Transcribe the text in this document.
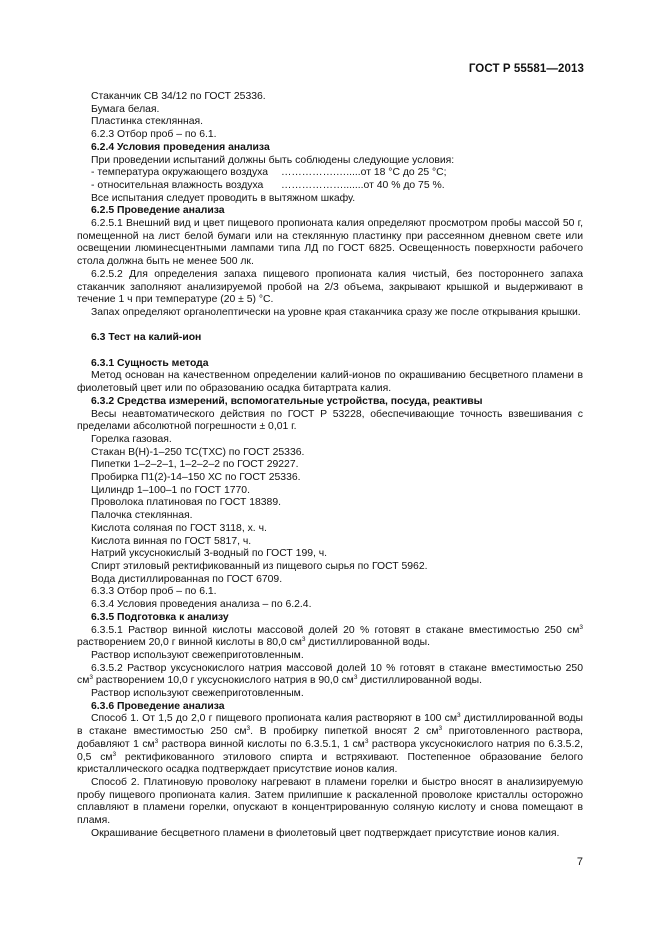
ГОСТ Р 55581—2013

Стаканчик СВ 34/12 по ГОСТ 25336.

Бумага белая.

Пластинка стеклянная.

6.2.3 Отбор проб – по 6.1.

6.2.4 Условия проведения анализа

При проведении испытаний должны быть соблюдены следующие условия:

- температура окружающего воздуха	…………….….....от 18 °С до 25 °С;
- относительная влажность воздуха	……………….......от 40 % до 75 %.

Все испытания следует проводить в вытяжном шкафу.

6.2.5 Проведение анализа

6.2.5.1 Внешний вид и цвет пищевого пропионата калия определяют просмотром пробы массой 50 г, помещенной на лист белой бумаги или на стеклянную пластинку при рассеянном дневном свете или освещении люминесцентными лампами типа ЛД по ГОСТ 6825. Освещенность поверхности рабочего стола должна быть не менее 500 лк.

6.2.5.2 Для определения запаха пищевого пропионата калия чистый, без постороннего запаха стаканчик заполняют анализируемой пробой на 2/3 объема, закрывают крышкой и выдерживают в течение 1 ч при температуре (20 ± 5) °С.

Запах определяют органолептически на уровне края стаканчика сразу же после открывания крышки.

6.3 Тест на калий-ион

6.3.1 Сущность метода

Метод основан на качественном определении калий-ионов по окрашиванию бесцветного пламени в фиолетовый цвет или по образованию осадка битартрата калия.

6.3.2 Средства измерений, вспомогательные устройства, посуда, реактивы

Весы неавтоматического действия по ГОСТ Р 53228, обеспечивающие точность взвешивания с пределами абсолютной погрешности ± 0,01 г.

Горелка газовая.

Стакан В(Н)-1–250 ТС(ТХС) по ГОСТ 25336.

Пипетки 1–2–2–1, 1–2–2–2 по ГОСТ 29227.

Пробирка П1(2)-14–150 ХС по ГОСТ 25336.

Цилиндр 1–100–1 по ГОСТ 1770.

Проволока платиновая по ГОСТ 18389.

Палочка стеклянная.

Кислота соляная по ГОСТ 3118, х. ч.

Кислота винная по ГОСТ 5817, ч.

Натрий уксуснокислый 3-водный по ГОСТ 199, ч.

Спирт этиловый ректификованный из пищевого сырья по ГОСТ 5962.

Вода дистиллированная по ГОСТ 6709.

6.3.3 Отбор проб – по 6.1.

6.3.4 Условия проведения анализа – по 6.2.4.

6.3.5 Подготовка к анализу

6.3.5.1 Раствор винной кислоты массовой долей 20 % готовят в стакане вместимостью 250 $см^3$ растворением 20,0 г винной кислоты в 80,0 $см^3$ дистиллированной воды.

Раствор используют свежеприготовленным.

6.3.5.2 Раствор уксуснокислого натрия массовой долей 10 % готовят в стакане вместимостью 250 $см^3$ растворением 10,0 г уксуснокислого натрия в 90,0 $см^3$ дистиллированной воды.

Раствор используют свежеприготовленным.

6.3.6 Проведение анализа

Способ 1. От 1,5 до 2,0 г пищевого пропионата калия растворяют в 100 $см^3$ дистиллированной воды в стакане вместимостью 250 $см^3$. В пробирку пипеткой вносят 2 $см^3$ приготовленного раствора, добавляют 1 $см^3$ раствора винной кислоты по 6.3.5.1, 1 $см^3$ раствора уксуснокислого натрия по 6.3.5.2, 0,5 $см^3$ ректификованного этилового спирта и встряхивают. Постепенное образование белого кристаллического осадка подтверждает присутствие ионов калия.

Способ 2. Платиновую проволоку нагревают в пламени горелки и быстро вносят в анализируемую пробу пищевого пропионата калия. Затем прилипшие к раскаленной проволоке кристаллы осторожно сплавляют в пламени горелки, опускают в концентрированную соляную кислоту и снова помещают в пламя.

Окрашивание бесцветного пламени в фиолетовый цвет подтверждает присутствие ионов калия.

7
